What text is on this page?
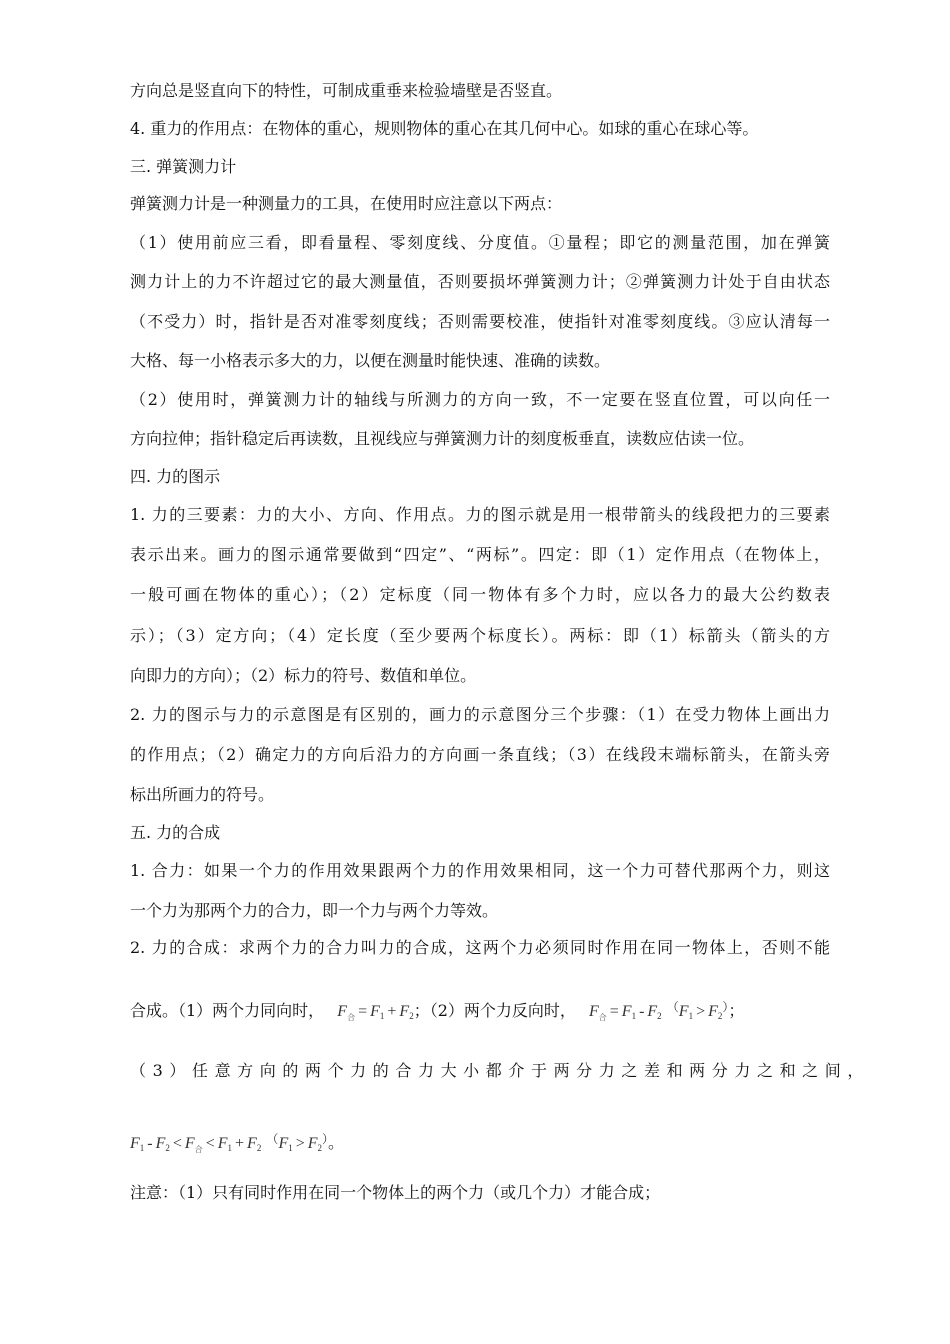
方向总是竖直向下的特性，可制成重垂来检验墙壁是否竖直。
4. 重力的作用点：在物体的重心，规则物体的重心在其几何中心。如球的重心在球心等。
三. 弹簧测力计
弹簧测力计是一种测量力的工具，在使用时应注意以下两点：
（1）使用前应三看，即看量程、零刻度线、分度值。①量程；即它的测量范围，加在弹簧
测力计上的力不许超过它的最大测量值，否则要损坏弹簧测力计；②弹簧测力计处于自由状态
（不受力）时，指针是否对准零刻度线；否则需要校准，使指针对准零刻度线。③应认清每一
大格、每一小格表示多大的力，以便在测量时能快速、准确的读数。
（2）使用时，弹簧测力计的轴线与所测力的方向一致，不一定要在竖直位置，可以向任一
方向拉伸；指针稳定后再读数，且视线应与弹簧测力计的刻度板垂直，读数应估读一位。
四. 力的图示
1. 力的三要素：力的大小、方向、作用点。力的图示就是用一根带箭头的线段把力的三要素
表示出来。画力的图示通常要做到“四定”、“两标”。四定：即（1）定作用点（在物体上，
一般可画在物体的重心）；（2）定标度（同一物体有多个力时，应以各力的最大公约数表
示）；（3）定方向；（4）定长度（至少要两个标度长）。两标：即（1）标箭头（箭头的方
向即力的方向）；（2）标力的符号、数值和单位。
2. 力的图示与力的示意图是有区别的，画力的示意图分三个步骤：（1）在受力物体上画出力
的作用点；（2）确定力的方向后沿力的方向画一条直线；（3）在线段末端标箭头，在箭头旁
标出所画力的符号。
五. 力的合成
1. 合力：如果一个力的作用效果跟两个力的作用效果相同，这一个力可替代那两个力，则这
一个力为那两个力的合力，即一个力与两个力等效。
2. 力的合成：求两个力的合力叫力的合成，这两个力必须同时作用在同一物体上，否则不能
合成。（1）两个力同向时， $F_合 = F_1 + F_2$；（2）两个力反向时， $F_合 = F_1 - F_2$ $^(F_1 > F_2^)$；
（3）任意方向的两个力的合力大小都介于两分力之差和两分力之和之间，
$F_1 - F_2 < F_合 < F_1 + F_2$ $^(F_1 > F_2^)$。
注意：（1）只有同时作用在同一个物体上的两个力（或几个力）才能合成；
